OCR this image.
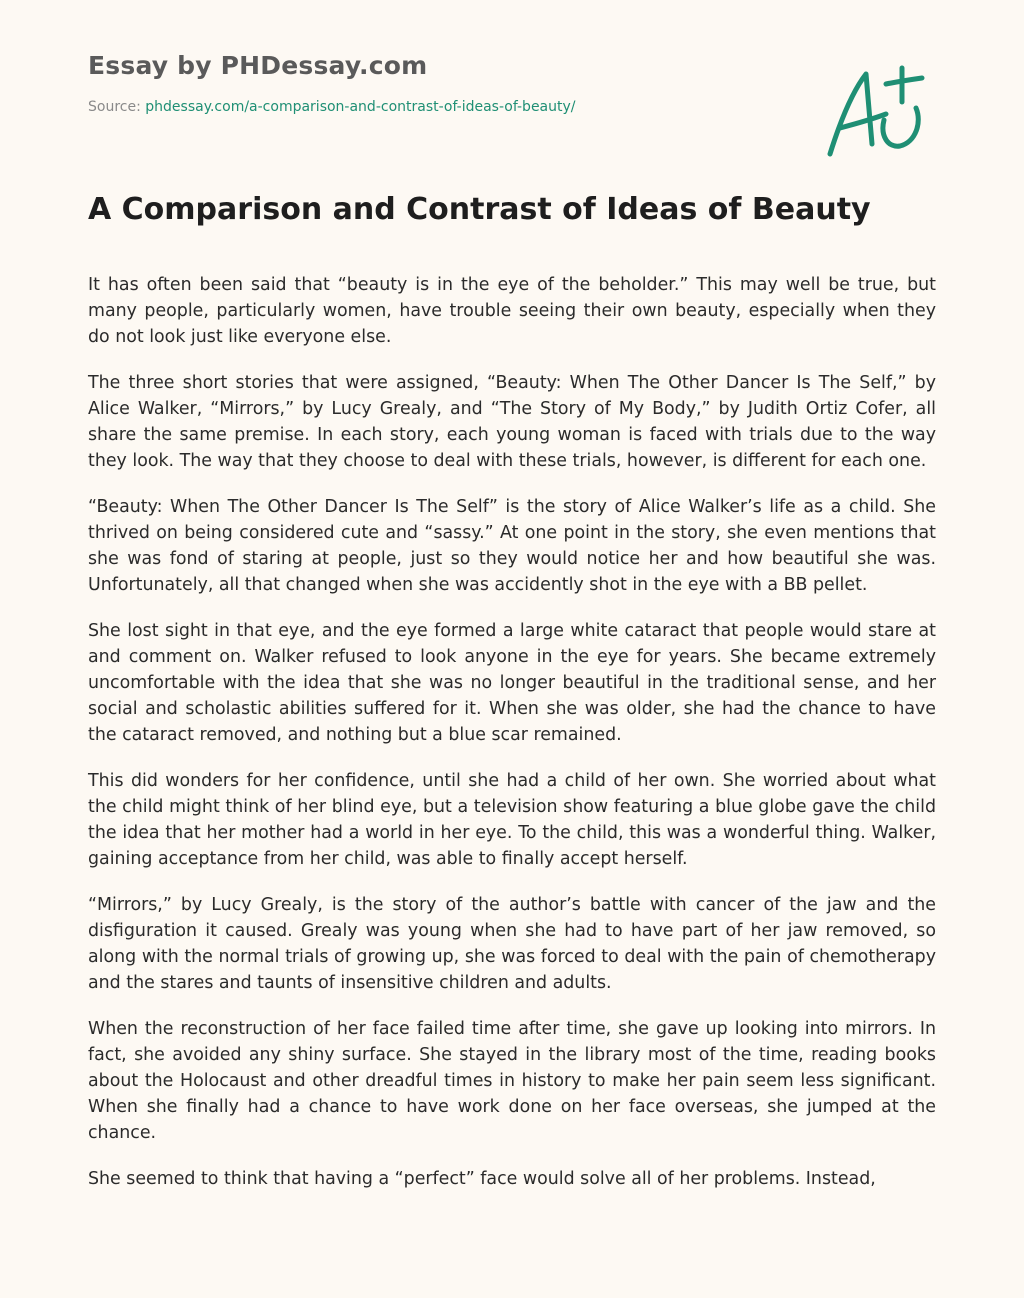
Essay by PHDessay.com
Source: phdessay.com/a-comparison-and-contrast-of-ideas-of-beauty/
A Comparison and Contrast of Ideas of Beauty

It has often been said that “beauty is in the eye of the beholder.” This may well be true, but many people, particularly women, have trouble seeing their own beauty, especially when they do not look just like everyone else.

The three short stories that were assigned, “Beauty: When The Other Dancer Is The Self,” by Alice Walker, “Mirrors,” by Lucy Grealy, and “The Story of My Body,” by Judith Ortiz Cofer, all share the same premise. In each story, each young woman is faced with trials due to the way they look. The way that they choose to deal with these trials, however, is different for each one.

“Beauty: When The Other Dancer Is The Self” is the story of Alice Walker’s life as a child. She thrived on being considered cute and “sassy.” At one point in the story, she even mentions that she was fond of staring at people, just so they would notice her and how beautiful she was. Unfortunately, all that changed when she was accidently shot in the eye with a BB pellet.

She lost sight in that eye, and the eye formed a large white cataract that people would stare at and comment on. Walker refused to look anyone in the eye for years. She became extremely uncomfortable with the idea that she was no longer beautiful in the traditional sense, and her social and scholastic abilities suffered for it. When she was older, she had the chance to have the cataract removed, and nothing but a blue scar remained.

This did wonders for her confidence, until she had a child of her own. She worried about what the child might think of her blind eye, but a television show featuring a blue globe gave the child the idea that her mother had a world in her eye. To the child, this was a wonderful thing. Walker, gaining acceptance from her child, was able to finally accept herself.

“Mirrors,” by Lucy Grealy, is the story of the author’s battle with cancer of the jaw and the disfiguration it caused. Grealy was young when she had to have part of her jaw removed, so along with the normal trials of growing up, she was forced to deal with the pain of chemotherapy and the stares and taunts of insensitive children and adults.

When the reconstruction of her face failed time after time, she gave up looking into mirrors. In fact, she avoided any shiny surface. She stayed in the library most of the time, reading books about the Holocaust and other dreadful times in history to make her pain seem less significant. When she finally had a chance to have work done on her face overseas, she jumped at the chance.

She seemed to think that having a “perfect” face would solve all of her problems. Instead,
